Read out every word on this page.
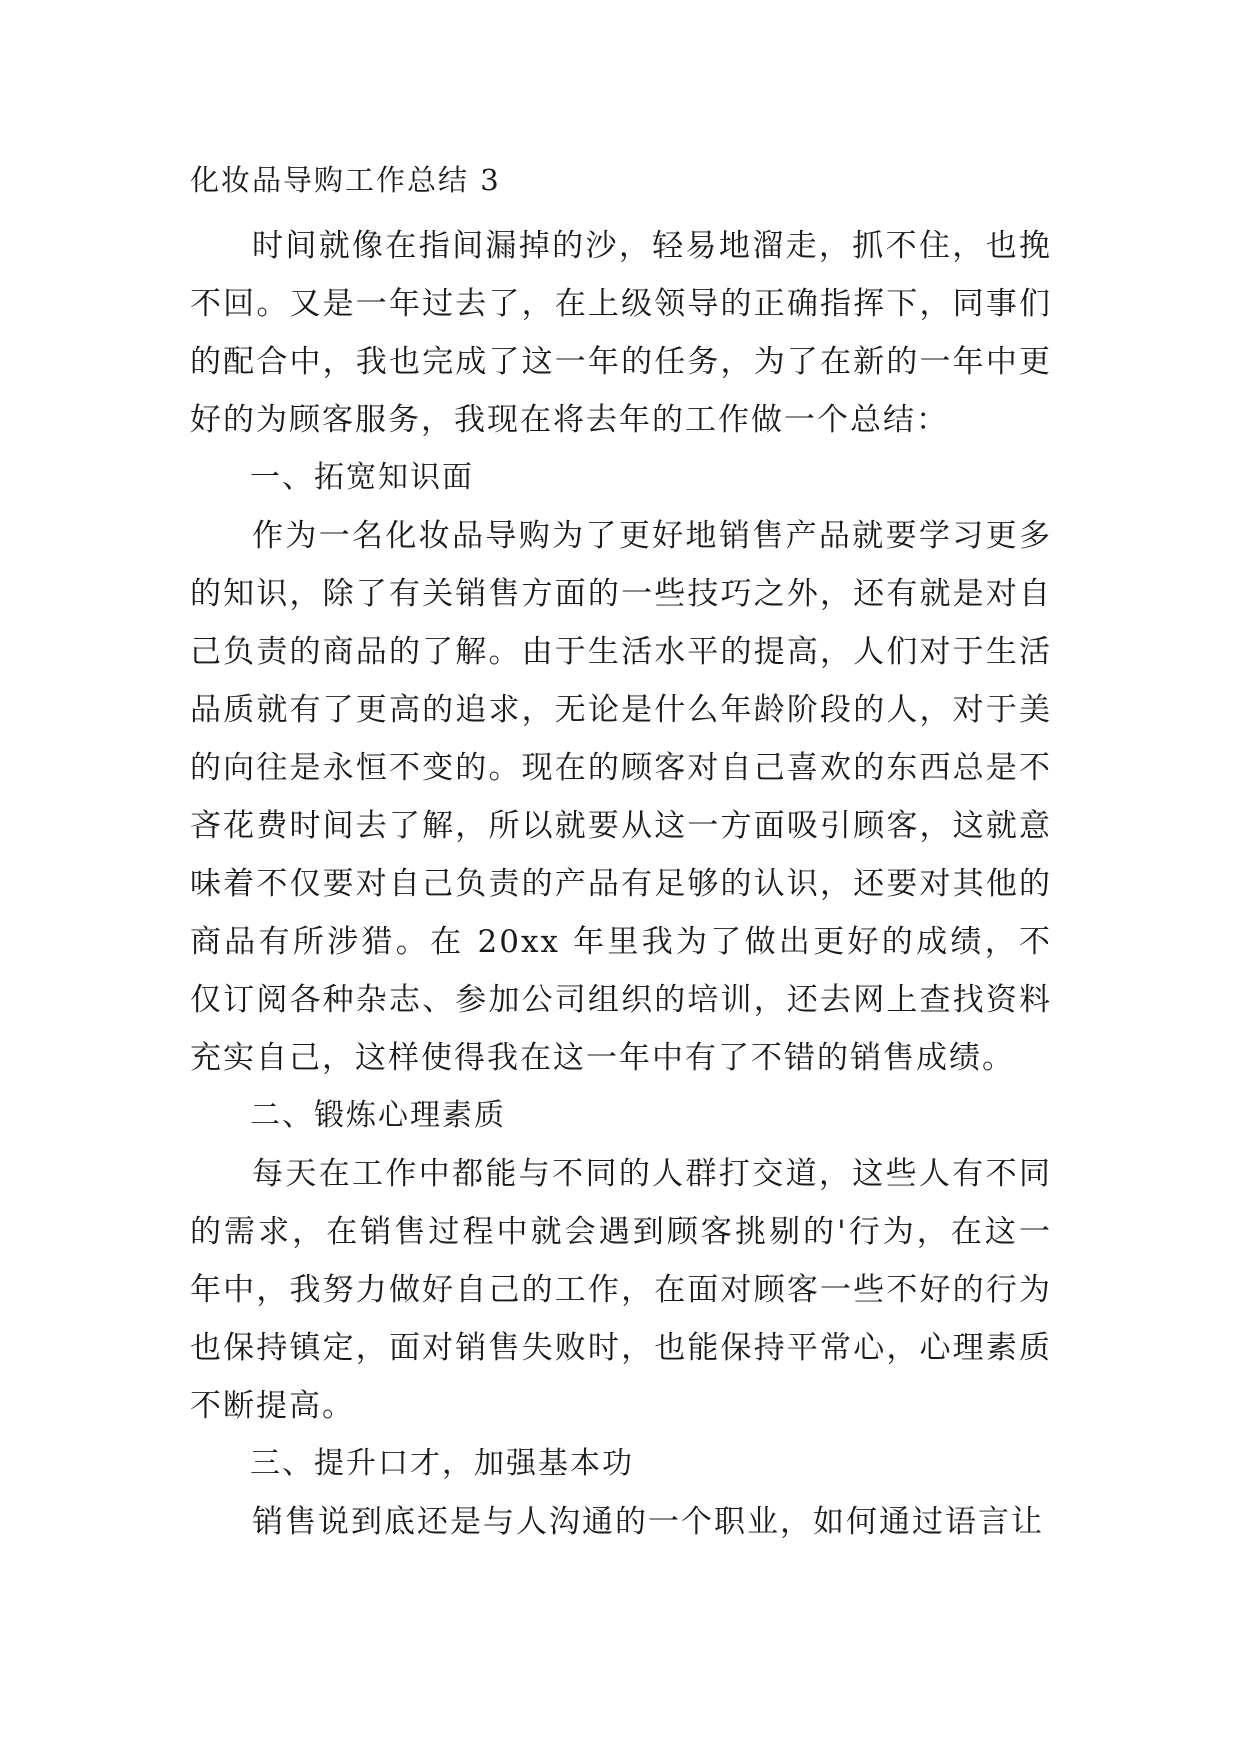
化妆品导购工作总结 3

时间就像在指间漏掉的沙，轻易地溜走，抓不住，也挽不回。又是一年过去了，在上级领导的正确指挥下，同事们的配合中，我也完成了这一年的任务，为了在新的一年中更好的为顾客服务，我现在将去年的工作做一个总结：

一、拓宽知识面

作为一名化妆品导购为了更好地销售产品就要学习更多的知识，除了有关销售方面的一些技巧之外，还有就是对自己负责的商品的了解。由于生活水平的提高，人们对于生活品质就有了更高的追求，无论是什么年龄阶段的人，对于美的向往是永恒不变的。现在的顾客对自己喜欢的东西总是不吝花费时间去了解，所以就要从这一方面吸引顾客，这就意味着不仅要对自己负责的产品有足够的认识，还要对其他的商品有所涉猎。在 20xx 年里我为了做出更好的成绩，不仅订阅各种杂志、参加公司组织的培训，还去网上查找资料充实自己，这样使得我在这一年中有了不错的销售成绩。

二、锻炼心理素质

每天在工作中都能与不同的人群打交道，这些人有不同的需求，在销售过程中就会遇到顾客挑剔的'行为，在这一年中，我努力做好自己的工作，在面对顾客一些不好的行为也保持镇定，面对销售失败时，也能保持平常心，心理素质不断提高。

三、提升口才，加强基本功

销售说到底还是与人沟通的一个职业，如何通过语言让
